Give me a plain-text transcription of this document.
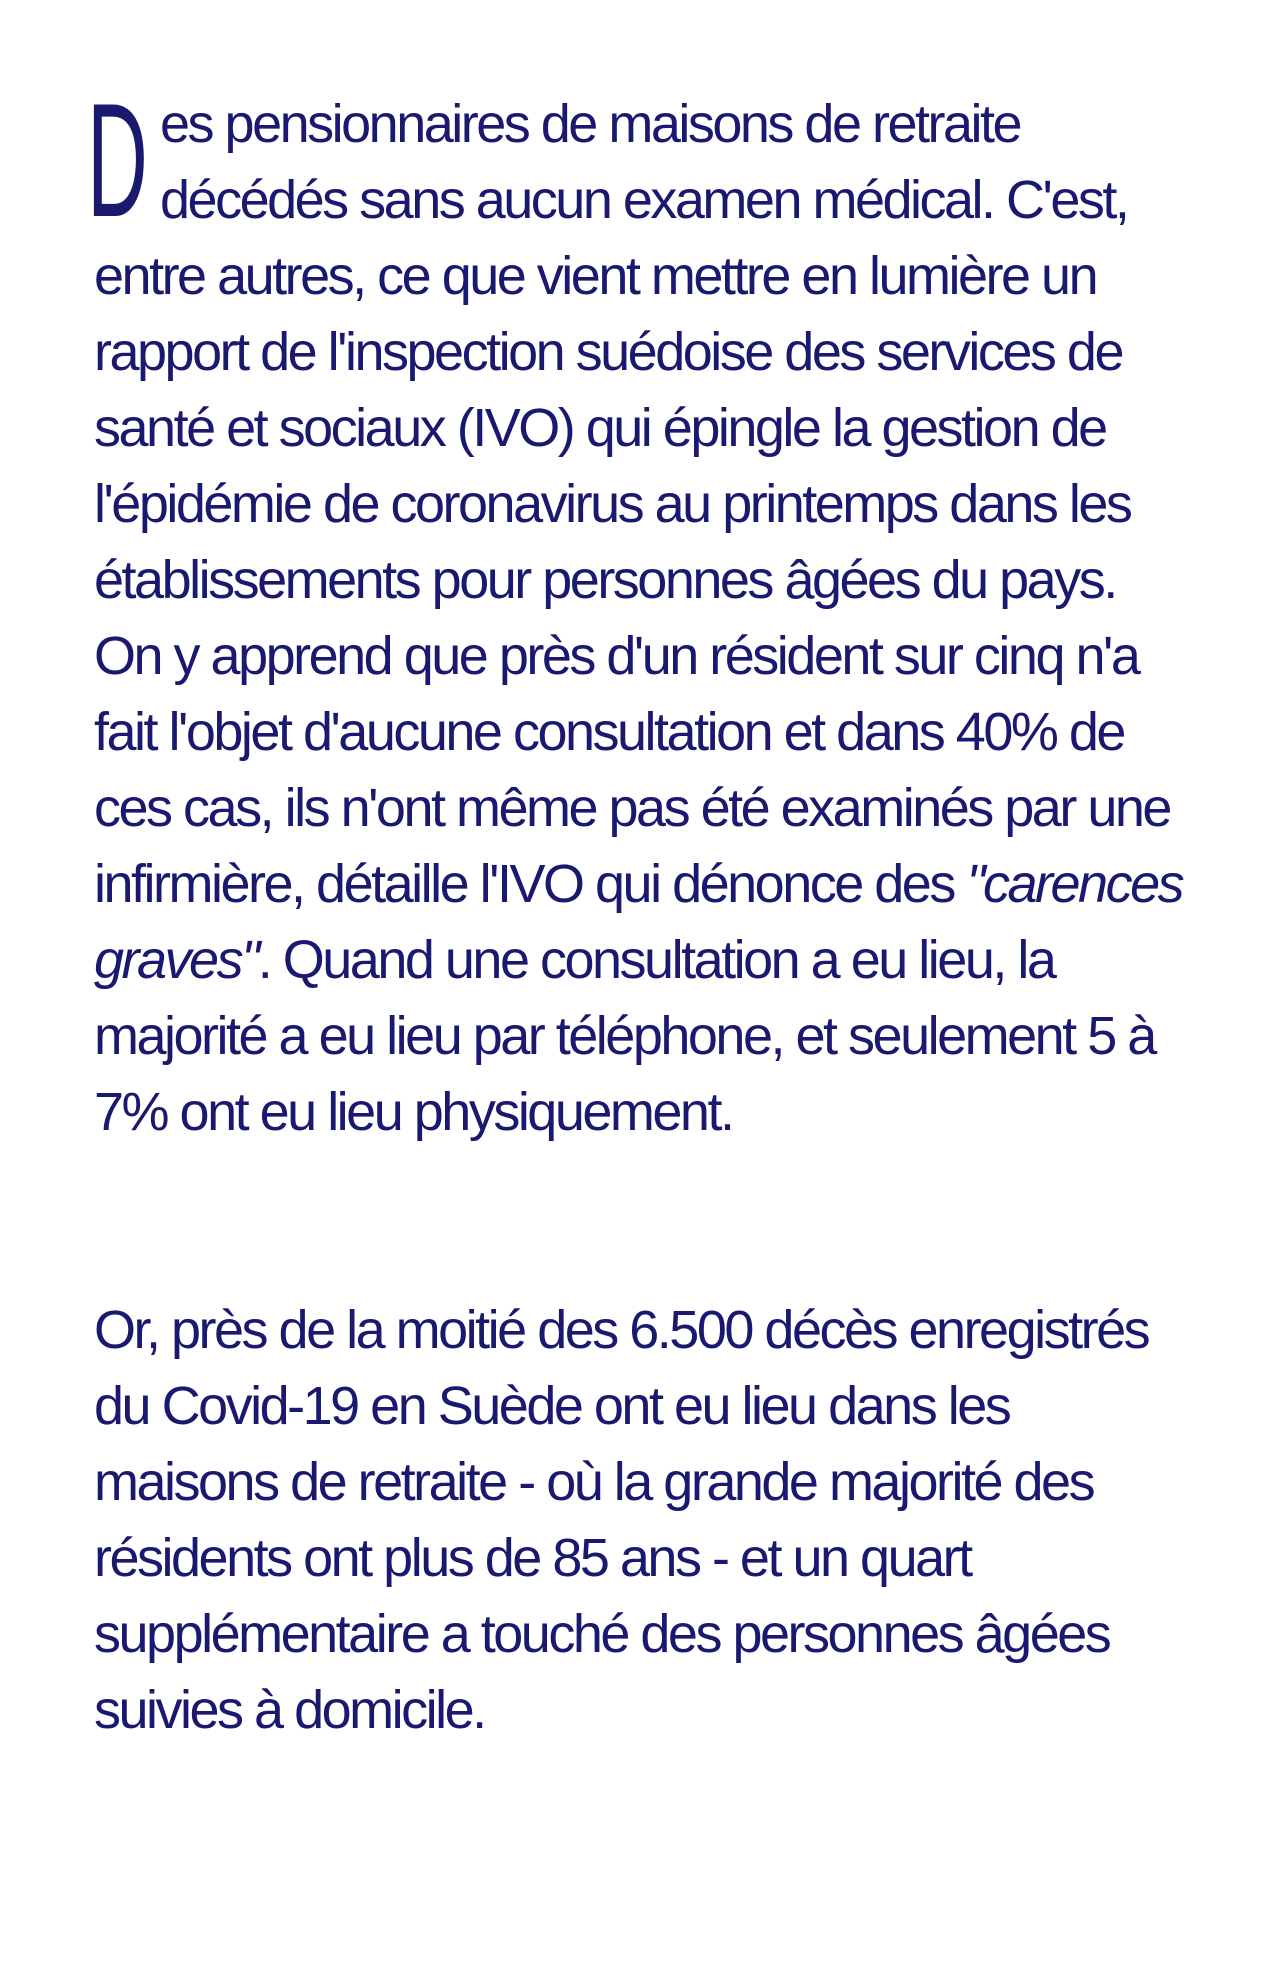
Des pensionnaires de maisons de retraite décédés sans aucun examen médical. C'est, entre autres, ce que vient mettre en lumière un rapport de l'inspection suédoise des services de santé et sociaux (IVO) qui épingle la gestion de l'épidémie de coronavirus au printemps dans les établissements pour personnes âgées du pays. On y apprend que près d'un résident sur cinq n'a fait l'objet d'aucune consultation et dans 40% de ces cas, ils n'ont même pas été examinés par une infirmière, détaille l'IVO qui dénonce des "carences graves". Quand une consultation a eu lieu, la majorité a eu lieu par téléphone, et seulement 5 à 7% ont eu lieu physiquement.

Or, près de la moitié des 6.500 décès enregistrés du Covid-19 en Suède ont eu lieu dans les maisons de retraite - où la grande majorité des résidents ont plus de 85 ans - et un quart supplémentaire a touché des personnes âgées suivies à domicile.
